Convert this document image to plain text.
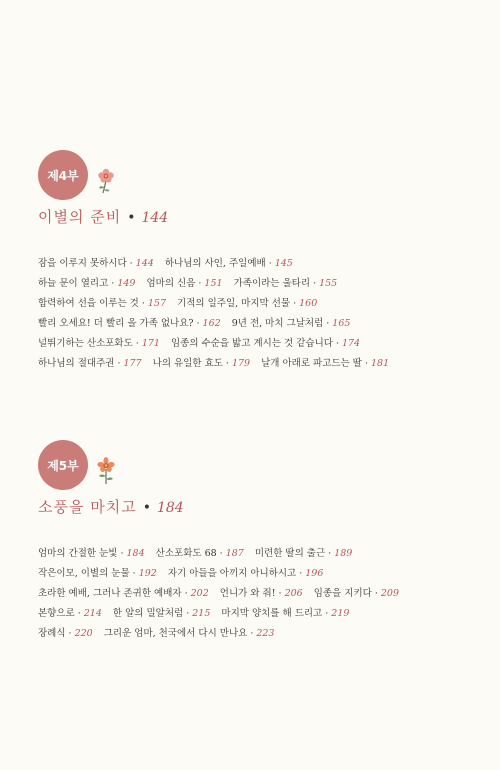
제4부
이별의 준비 • 144
잠을 이루지 못하시다 · 144 하나님의 사인, 주일예배 · 145
하늘 문이 열리고 · 149 엄마의 신음 · 151 가족이라는 울타리 · 155
합력하여 선을 이루는 것 · 157 기적의 일주일, 마지막 선물 · 160
빨리 오세요! 더 빨리 올 가족 없나요? · 162 9년 전, 마치 그날처럼 · 165
널뛰기하는 산소포화도 · 171 임종의 수순을 밟고 계시는 것 같습니다 · 174
하나님의 절대주권 · 177 나의 유일한 효도 · 179 날개 아래로 파고드는 딸 · 181
제5부
소풍을 마치고 • 184
엄마의 간절한 눈빛 · 184 산소포화도 68 · 187 미련한 딸의 출근 · 189
작은이모, 이별의 눈물 · 192 자기 아들을 아끼지 아니하시고 · 196
초라한 예배, 그러나 존귀한 예배자 · 202 언니가 와 줘! · 206 임종을 지키다 · 209
본향으로 · 214 한 알의 밀알처럼 · 215 마지막 양치를 해 드리고 · 219
장례식 · 220 그리운 엄마, 천국에서 다시 만나요 · 223
